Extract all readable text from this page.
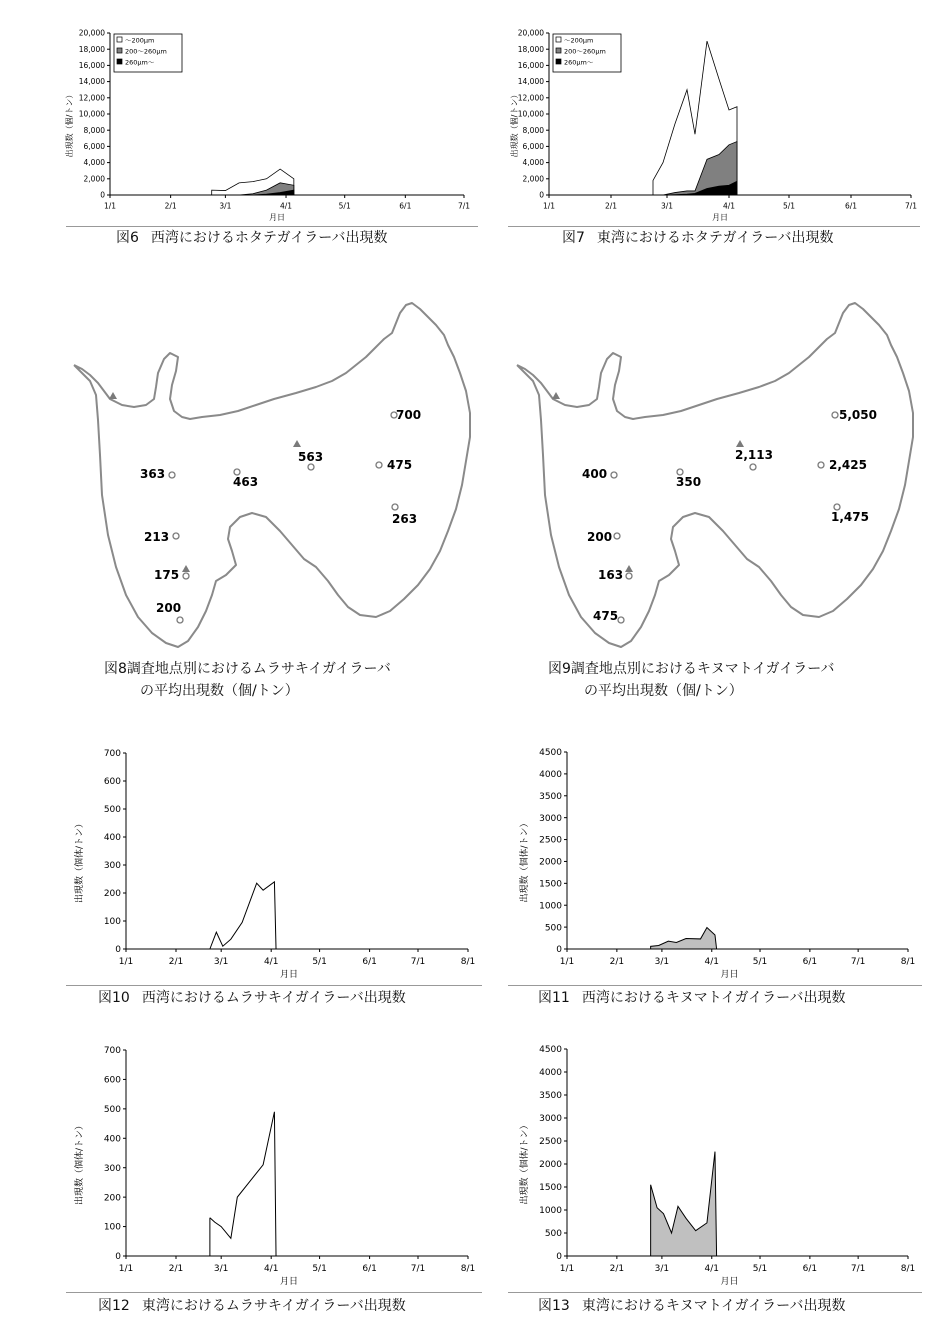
0
2,000
4,000
6,000
8,000
10,000
12,000
14,000
16,000
18,000
20,000
1/1	2/1	3/1	4/1	5/1	6/1	7/1
月日
出現数（個/トン）
～200μm
200～260μm
260μm～
図6 西湾におけるホタテガイラーバ出現数
0
2,000
4,000
6,000
8,000
10,000
12,000
14,000
16,000
18,000
20,000
1/1	2/1	3/1	4/1	5/1	6/1	7/1
月日
出現数（個/トン）
～200μm
200～260μm
260μm～
図7 東湾におけるホタテガイラーバ出現数
700
563
475
263
463
363
213
175
200
図8調査地点別におけるムラサキイガイラーバ
の平均出現数（個/トン）
5,050
2,113
2,425
1,475
350
400
200
163
475
図9調査地点別におけるキヌマトイガイラーバ
の平均出現数（個/トン）
0
100
200
300
400
500
600
700
1/1	2/1	3/1	4/1	5/1	6/1	7/1	8/1
月日
出現数（個体/トン）
図10 西湾におけるムラサキイガイラーバ出現数
0
500
1000
1500
2000
2500
3000
3500
4000
4500
1/1	2/1	3/1	4/1	5/1	6/1	7/1	8/1
月日
出現数（個体/トン）
図11 西湾におけるキヌマトイガイラーバ出現数
0
100
200
300
400
500
600
700
1/1	2/1	3/1	4/1	5/1	6/1	7/1	8/1
月日
出現数（個体/トン）
図12 東湾におけるムラサキイガイラーバ出現数
0
500
1000
1500
2000
2500
3000
3500
4000
4500
1/1	2/1	3/1	4/1	5/1	6/1	7/1	8/1
月日
出現数（個体/トン）
図13 東湾におけるキヌマトイガイラーバ出現数
